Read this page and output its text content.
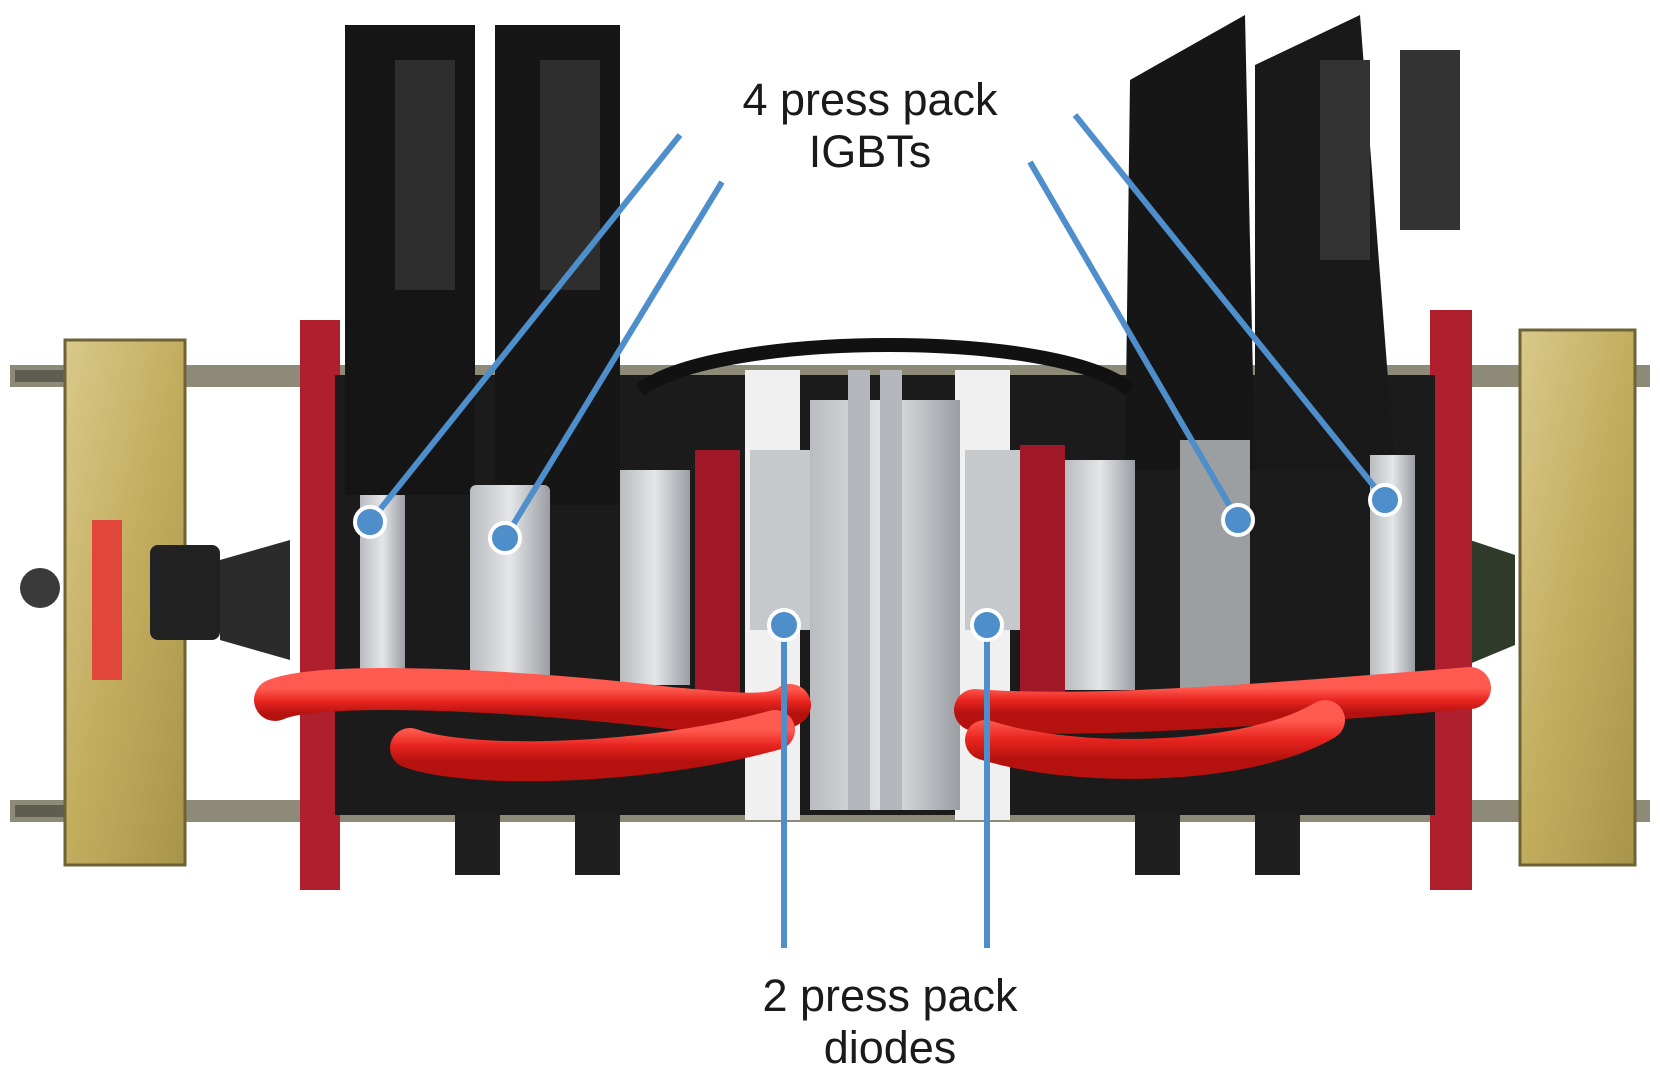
4 press pack
IGBTs
2 press pack
diodes
